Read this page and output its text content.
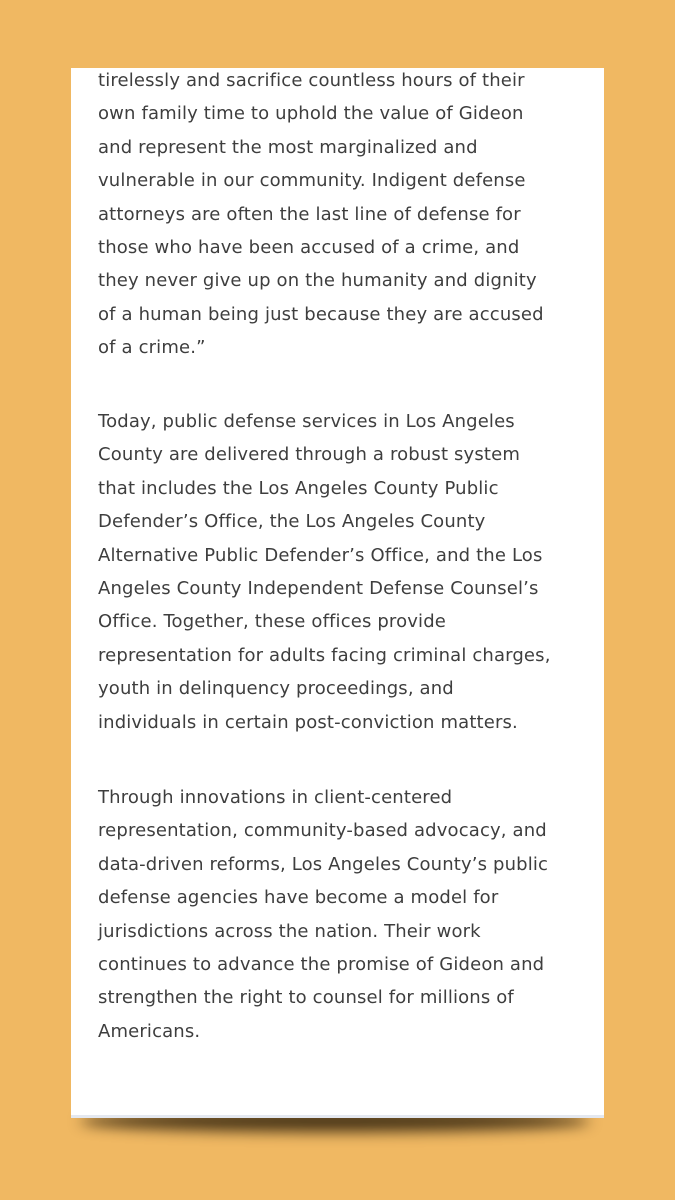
tirelessly and sacrifice countless hours of their
own family time to uphold the value of Gideon
and represent the most marginalized and
vulnerable in our community. Indigent defense
attorneys are often the last line of defense for
those who have been accused of a crime, and
they never give up on the humanity and dignity
of a human being just because they are accused
of a crime.”

Today, public defense services in Los Angeles
County are delivered through a robust system
that includes the Los Angeles County Public
Defender’s Office, the Los Angeles County
Alternative Public Defender’s Office, and the Los
Angeles County Independent Defense Counsel’s
Office. Together, these offices provide
representation for adults facing criminal charges,
youth in delinquency proceedings, and
individuals in certain post-conviction matters.

Through innovations in client-centered
representation, community-based advocacy, and
data-driven reforms, Los Angeles County’s public
defense agencies have become a model for
jurisdictions across the nation. Their work
continues to advance the promise of Gideon and
strengthen the right to counsel for millions of
Americans.
